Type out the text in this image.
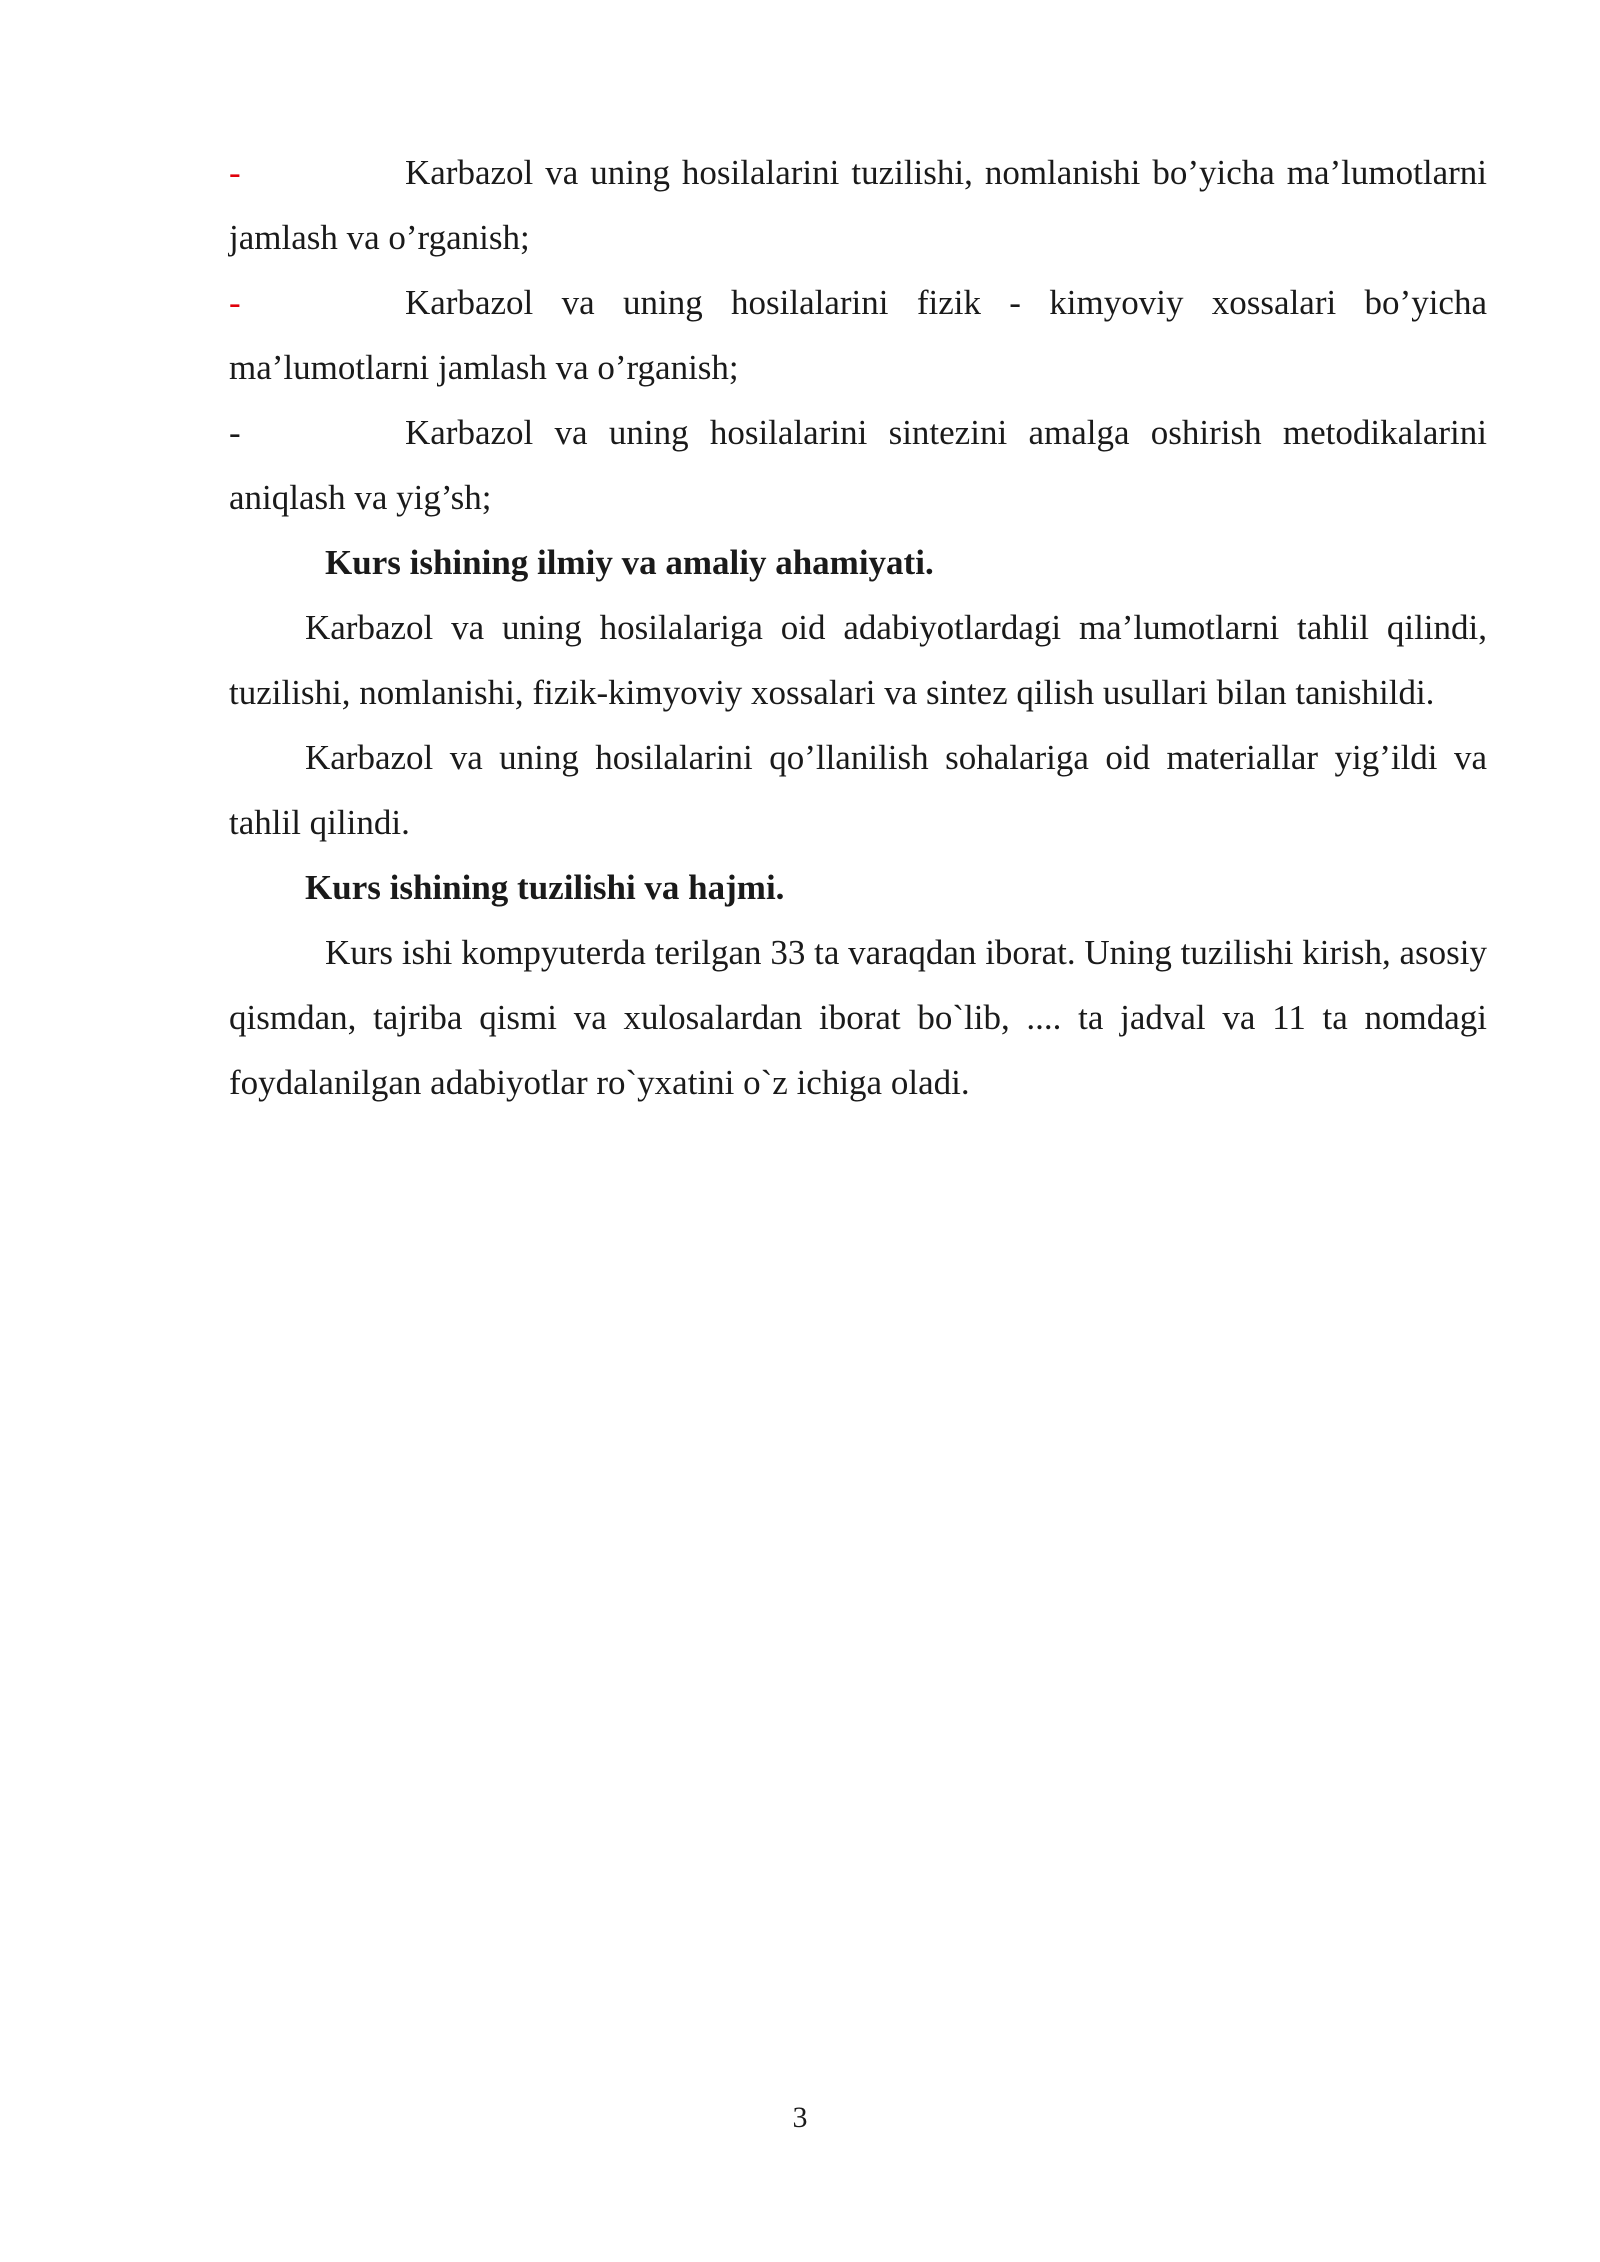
-	Karbazol va uning hosilalarini tuzilishi, nomlanishi bo’yicha ma’lumotlarni jamlash va o’rganish;
-	Karbazol va uning hosilalarini fizik - kimyoviy xossalari bo’yicha ma’lumotlarni jamlash va o’rganish;
-	Karbazol va uning hosilalarini sintezini amalga oshirish metodikalarini aniqlash va yig’sh;

Kurs ishining ilmiy va amaliy ahamiyati.

Karbazol va uning hosilalariga oid adabiyotlardagi ma’lumotlarni tahlil qilindi, tuzilishi, nomlanishi, fizik-kimyoviy xossalari va sintez qilish usullari bilan tanishildi.

Karbazol va uning hosilalarini qo’llanilish sohalariga oid materiallar yig’ildi va tahlil qilindi.

Kurs ishining tuzilishi va hajmi.

Kurs ishi kompyuterda terilgan 33 ta varaqdan iborat. Uning tuzilishi kirish, asosiy qismdan, tajriba qismi va xulosalardan iborat bo`lib, .... ta jadval va 11 ta nomdagi foydalanilgan adabiyotlar ro`yxatini o`z ichiga oladi.

3
